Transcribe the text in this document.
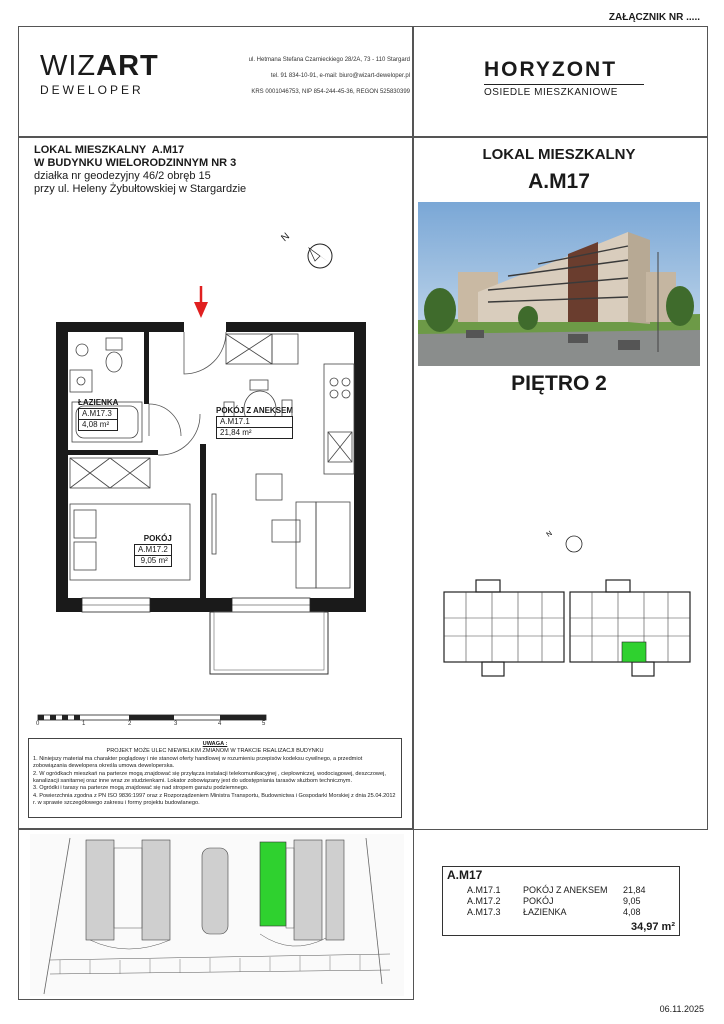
ZAŁĄCZNIK NR .....
WIZART
DEWELOPER
ul. Hetmana Stefana Czarnieckiego 28/2A, 73 - 110 Stargard
tel. 91 834-10-91, e-mail: biuro@wizart-deweloper.pl
KRS 0001046753, NIP 854-244-45-36, REGON 525830399
HORYZONT
OSIEDLE MIESZKANIOWE
LOKAL MIESZKALNY  A.M17
W BUDYNKU WIELORODZINNYM NR 3
działka nr geodezyjny 46/2 obręb 15
przy ul. Heleny Żybułtowskiej w Stargardzie
LOKAL MIESZKALNY
A.M17
PIĘTRO 2
N
ŁAZIENKA
A.M17.3
4,08 m²
POKÓJ Z ANEKSEM
A.M17.1
21,84 m²
POKÓJ
A.M17.2
9,05 m²
0	1	2	3	4	5

UWAGA :

PROJEKT MOŻE ULEC NIEWIELKIM ZMIANOM W TRAKCIE REALIZACJI BUDYNKU

1. Niniejszy materiał ma charakter poglądowy i nie stanowi oferty handlowej w rozumieniu przepisów kodeksu cywilnego, a przedmiot zobowiązania dewelopera określa umowa deweloperska.

2. W ogródkach mieszkań na parterze mogą znajdować się przyłącza instalacji telekomunikacyjnej , ciepłowniczej, wodociągowej, deszczowej, kanalizacji sanitarnej oraz inne wraz ze studzienkami. Lokator zobowiązany jest do udostępniania tarasów służbom technicznym.

3. Ogródki i tarasy na parterze mogą znajdować się nad stropem garażu podziemnego.

4. Powierzchnia zgodna z PN ISO 9836:1997 oraz z Rozporządzeniem Ministra Transportu, Budownictwa i Gospodarki Morskiej z dnia 25.04.2012 r. w sprawie szczegółowego zakresu i formy projektu budowlanego.

N
A.M17
A.M17.1 POKÓJ Z ANEKSEM 21,84
A.M17.2 POKÓJ	9,05
A.M17.3 ŁAZIENKA	4,08
34,97 m²
06.11.2025
